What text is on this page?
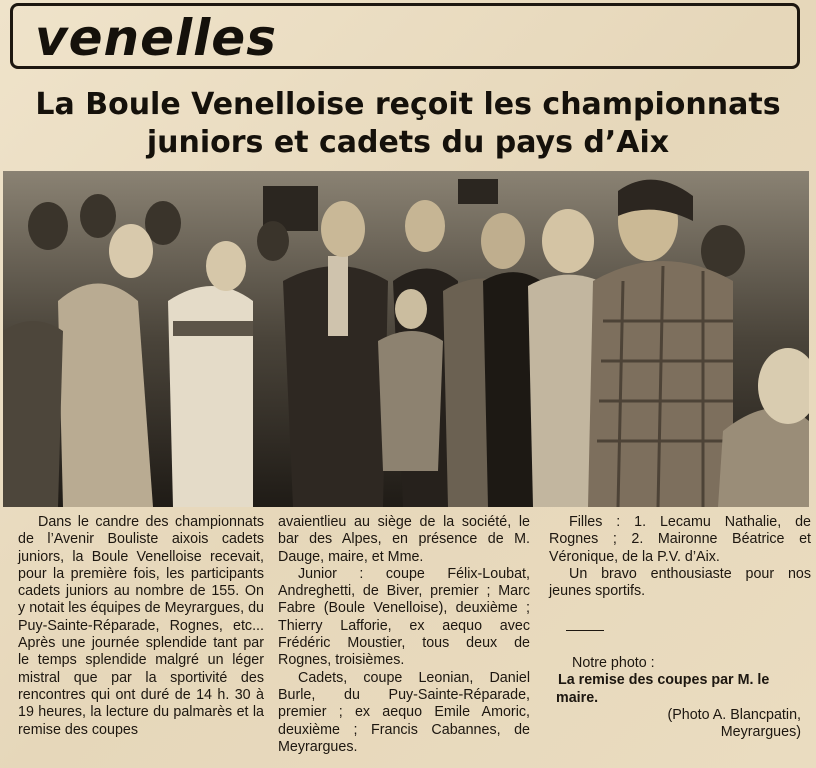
venelles
La Boule Venelloise reçoit les championnats
juniors et cadets du pays d’Aix

Dans le candre des championnats de l’Avenir Bouliste aixois cadets juniors, la Boule Venelloise recevait, pour la première fois, les participants cadets juniors au nombre de 155. On y notait les équipes de Meyrargues, du Puy-Sainte-Réparade, Rognes, etc... Après une journée splendide tant par le temps splendide malgré un léger mistral que par la sportivité des rencontres qui ont duré de 14 h. 30 à 19 heures, la lecture du palmarès et la remise des coupes

avaientlieu au siège de la société, le bar des Alpes, en présence de M. Dauge, maire, et Mme.

Junior : coupe Félix-Loubat, Andreghetti, de Biver, premier ; Marc Fabre (Boule Venelloise), deuxième ; Thierry Lafforie, ex aequo avec Frédéric Moustier, tous deux de Rognes, troisièmes.

Cadets, coupe Leonian, Daniel Burle, du Puy-Sainte-Réparade, premier ; ex aequo Emile Amoric, deuxième ; Francis Cabannes, de Meyrargues.

Filles : 1. Lecamu Nathalie, de Rognes ; 2. Maironne Béatrice et Véronique, de la P.V. d’Aix.

Un bravo enthousiaste pour nos jeunes sportifs.

Notre photo :
La remise des coupes par M. le maire.
(Photo A. Blancpatin,
Meyrargues)
